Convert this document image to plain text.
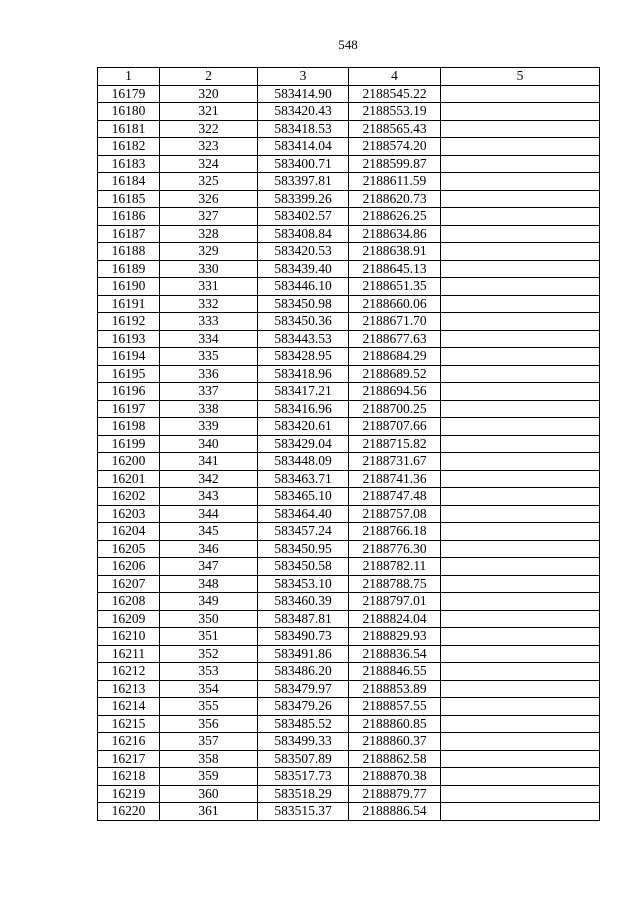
548
1	2	3	4	5
16179	320	583414.90	2188545.22	
16180	321	583420.43	2188553.19	
16181	322	583418.53	2188565.43	
16182	323	583414.04	2188574.20	
16183	324	583400.71	2188599.87	
16184	325	583397.81	2188611.59	
16185	326	583399.26	2188620.73	
16186	327	583402.57	2188626.25	
16187	328	583408.84	2188634.86	
16188	329	583420.53	2188638.91	
16189	330	583439.40	2188645.13	
16190	331	583446.10	2188651.35	
16191	332	583450.98	2188660.06	
16192	333	583450.36	2188671.70	
16193	334	583443.53	2188677.63	
16194	335	583428.95	2188684.29	
16195	336	583418.96	2188689.52	
16196	337	583417.21	2188694.56	
16197	338	583416.96	2188700.25	
16198	339	583420.61	2188707.66	
16199	340	583429.04	2188715.82	
16200	341	583448.09	2188731.67	
16201	342	583463.71	2188741.36	
16202	343	583465.10	2188747.48	
16203	344	583464.40	2188757.08	
16204	345	583457.24	2188766.18	
16205	346	583450.95	2188776.30	
16206	347	583450.58	2188782.11	
16207	348	583453.10	2188788.75	
16208	349	583460.39	2188797.01	
16209	350	583487.81	2188824.04	
16210	351	583490.73	2188829.93	
16211	352	583491.86	2188836.54	
16212	353	583486.20	2188846.55	
16213	354	583479.97	2188853.89	
16214	355	583479.26	2188857.55	
16215	356	583485.52	2188860.85	
16216	357	583499.33	2188860.37	
16217	358	583507.89	2188862.58	
16218	359	583517.73	2188870.38	
16219	360	583518.29	2188879.77	
16220	361	583515.37	2188886.54	
